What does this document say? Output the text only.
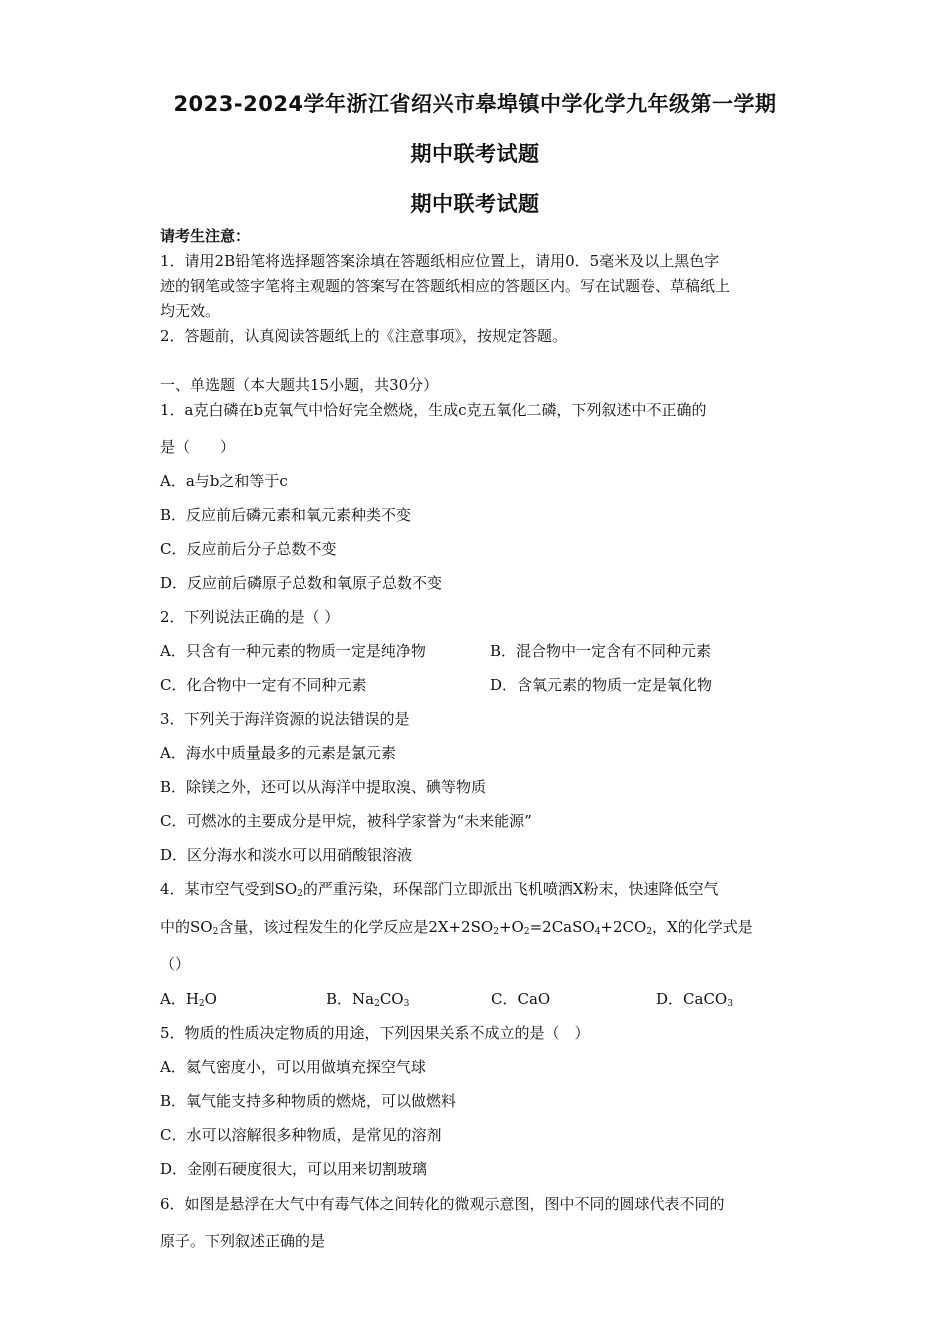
2023-2024学年浙江省绍兴市皋埠镇中学化学九年级第一学期
期中联考试题
期中联考试题
请考生注意：
1．请用2B铅笔将选择题答案涂填在答题纸相应位置上，请用0．5毫米及以上黑色字
迹的钢笔或签字笔将主观题的答案写在答题纸相应的答题区内。写在试题卷、草稿纸上
均无效。
2．答题前，认真阅读答题纸上的《注意事项》，按规定答题。
一、单选题（本大题共15小题，共30分）
1．a克白磷在b克氧气中恰好完全燃烧，生成c克五氧化二磷，下列叙述中不正确的
是（　　）
A．a与b之和等于c
B．反应前后磷元素和氧元素种类不变
C．反应前后分子总数不变
D．反应前后磷原子总数和氧原子总数不变
2．下列说法正确的是（ ）
A．只含有一种元素的物质一定是纯净物	B．混合物中一定含有不同种元素
C．化合物中一定有不同种元素	D．含氧元素的物质一定是氧化物
3．下列关于海洋资源的说法错误的是
A．海水中质量最多的元素是氯元素
B．除镁之外，还可以从海洋中提取溴、碘等物质
C．可燃冰的主要成分是甲烷，被科学家誉为“未来能源”
D．区分海水和淡水可以用硝酸银溶液
4．某市空气受到$SO_2$的严重污染，环保部门立即派出飞机喷洒X粉末，快速降低空气
中的$SO_2$含量，该过程发生的化学反应是$2X+2SO_2+O_2=2CaSO_4+2CO_2$，X的化学式是
（）
A．$H_2O$	B．$Na_2CO_3$	C．CaO	D．CaCO$_3$
5．物质的性质决定物质的用途，下列因果关系不成立的是（　）
A．氦气密度小，可以用做填充探空气球
B．氧气能支持多种物质的燃烧，可以做燃料
C．水可以溶解很多种物质，是常见的溶剂
D．金刚石硬度很大，可以用来切割玻璃
6．如图是悬浮在大气中有毒气体之间转化的微观示意图，图中不同的圆球代表不同的
原子。下列叙述正确的是
